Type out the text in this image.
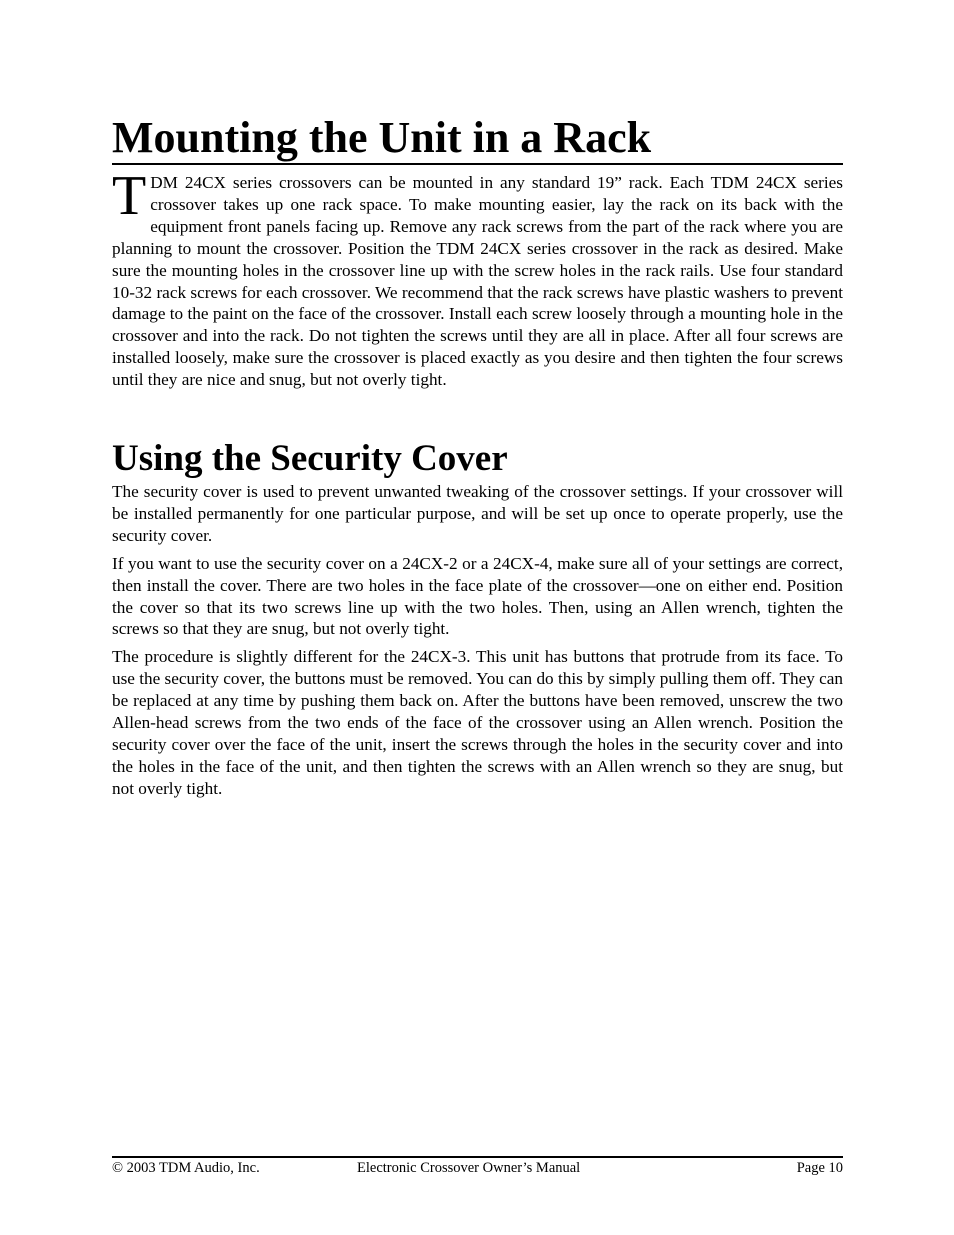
Mounting the Unit in a Rack

TDM 24CX series crossovers can be mounted in any standard 19” rack. Each TDM 24CX series crossover takes up one rack space. To make mounting easier, lay the rack on its back with the equipment front panels facing up. Remove any rack screws from the part of the rack where you are planning to mount the crossover. Position the TDM 24CX series crossover in the rack as desired. Make sure the mounting holes in the crossover line up with the screw holes in the rack rails. Use four standard 10-32 rack screws for each crossover. We recommend that the rack screws have plastic washers to prevent damage to the paint on the face of the crossover. Install each screw loosely through a mounting hole in the crossover and into the rack. Do not tighten the screws until they are all in place. After all four screws are installed loosely, make sure the crossover is placed exactly as you desire and then tighten the four screws until they are nice and snug, but not overly tight.

Using the Security Cover

The security cover is used to prevent unwanted tweaking of the crossover settings. If your crossover will be installed permanently for one particular purpose, and will be set up once to operate properly, use the security cover.

If you want to use the security cover on a 24CX-2 or a 24CX-4, make sure all of your settings are correct, then install the cover. There are two holes in the face plate of the crossover—one on either end. Position the cover so that its two screws line up with the two holes. Then, using an Allen wrench, tighten the screws so that they are snug, but not overly tight.

The procedure is slightly different for the 24CX-3. This unit has buttons that protrude from its face. To use the security cover, the buttons must be removed. You can do this by simply pulling them off. They can be replaced at any time by pushing them back on. After the buttons have been removed, unscrew the two Allen-head screws from the two ends of the face of the crossover using an Allen wrench. Position the security cover over the face of the unit, insert the screws through the holes in the security cover and into the holes in the face of the unit, and then tighten the screws with an Allen wrench so they are snug, but not overly tight.

© 2003 TDM Audio, Inc.	Electronic Crossover Owner’s Manual	Page 10
